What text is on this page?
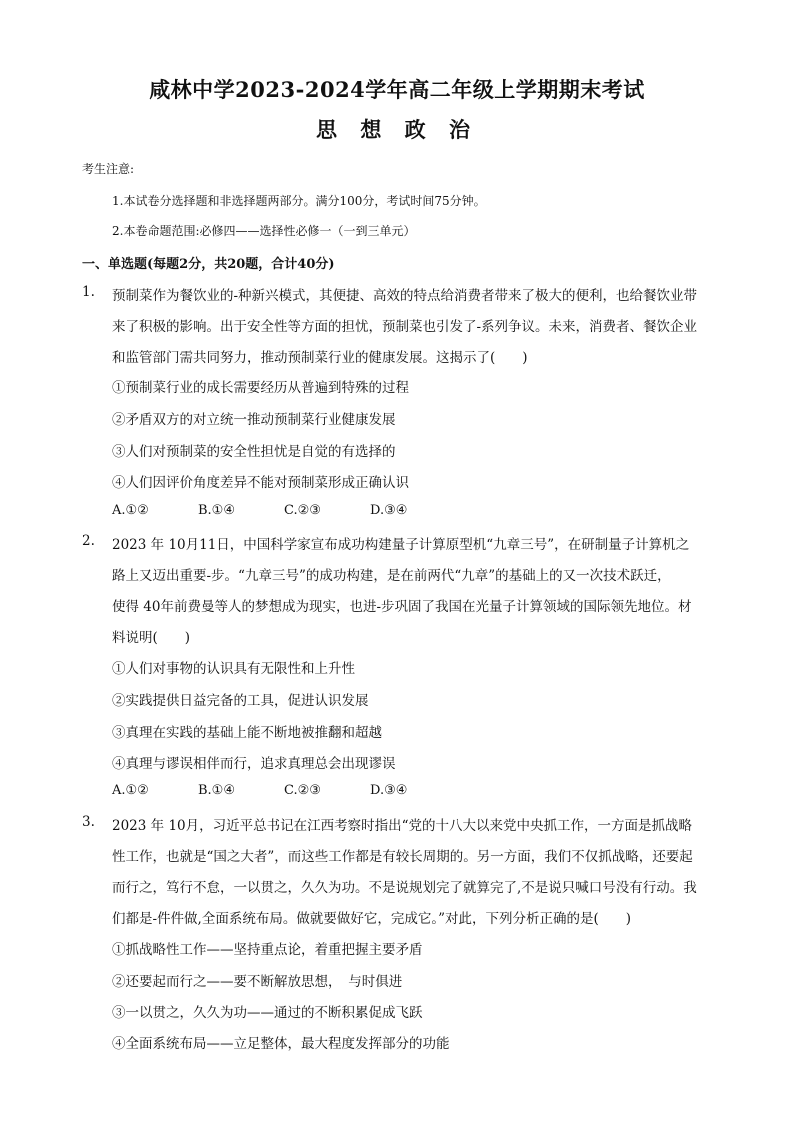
咸林中学2023-2024学年高二年级上学期期末考试
思 想 政 治
考生注意:
1.本试卷分选择题和非选择题两部分。满分100分，考试时间75分钟。
2.本卷命题范围:必修四——选择性必修一（一到三单元）
一、单选题(每题2分，共20题，合计40分)
1. 预制菜作为餐饮业的-种新兴模式，其便捷、高效的特点给消费者带来了极大的便利，也给餐饮业带
来了积极的影响。出于安全性等方面的担忧，预制菜也引发了-系列争议。未来，消费者、餐饮企业
和监管部门需共同努力，推动预制菜行业的健康发展。这揭示了(　　)
①预制菜行业的成长需要经历从普遍到特殊的过程
②矛盾双方的对立统一推动预制菜行业健康发展
③人们对预制菜的安全性担忧是自觉的有选择的
④人们因评价角度差异不能对预制菜形成正确认识
A.①②	B.①④	C.②③	D.③④
2. 2023 年 10月11日，中国科学家宣布成功构建量子计算原型机“九章三号”，在研制量子计算机之
路上又迈出重要-步。“九章三号”的成功构建，是在前两代“九章”的基础上的又一次技术跃迁，
使得 40年前费曼等人的梦想成为现实，也进-步巩固了我国在光量子计算领域的国际领先地位。材
料说明(　　)
①人们对事物的认识具有无限性和上升性
②实践提供日益完备的工具，促进认识发展
③真理在实践的基础上能不断地被推翻和超越
④真理与谬误相伴而行，追求真理总会出现谬误
A.①②	B.①④	C.②③	D.③④
3. 2023 年 10月，习近平总书记在江西考察时指出“党的十八大以来党中央抓工作，一方面是抓战略
性工作，也就是“国之大者”，而这些工作都是有较长周期的。另一方面，我们不仅抓战略，还要起
而行之，笃行不怠，一以贯之，久久为功。不是说规划完了就算完了,不是说只喊口号没有行动。我
们都是-件件做,全面系统布局。做就要做好它，完成它。”对此，下列分析正确的是(　　)
①抓战略性工作——坚持重点论，着重把握主要矛盾
②还要起而行之——要不断解放思想，　与时俱进
③一以贯之，久久为功——通过的不断积累促成飞跃
④全面系统布局——立足整体，最大程度发挥部分的功能
